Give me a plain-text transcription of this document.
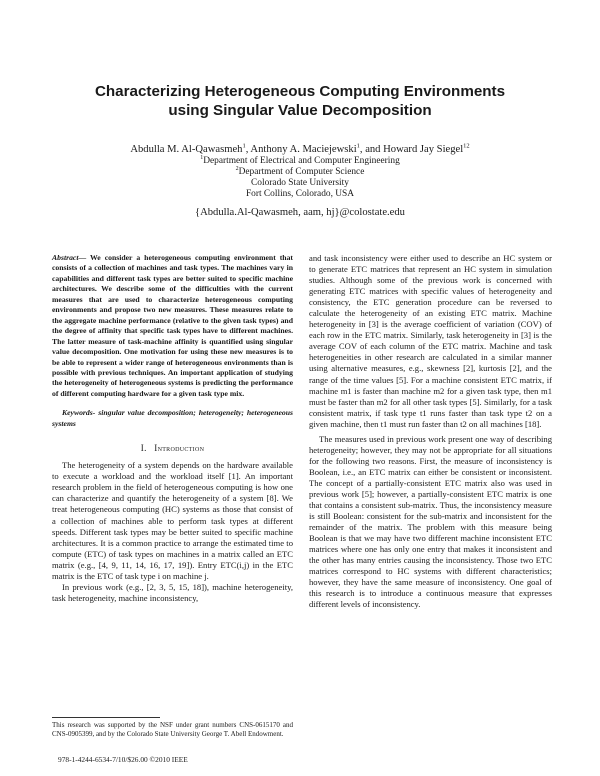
Characterizing Heterogeneous Computing Environments
using Singular Value Decomposition
Abdulla M. Al-Qawasmeh$^1$, Anthony A. Maciejewski$^1$, and Howard Jay Siegel$^{12}$
$^1$Department of Electrical and Computer Engineering
$^2$Department of Computer Science
Colorado State University
Fort Collins, Colorado, USA
{Abdulla.Al-Qawasmeh, aam, hj}@colostate.edu

Abstract— We consider a heterogeneous computing environment that consists of a collection of machines and task types. The machines vary in capabilities and different task types are better suited to specific machine architectures. We describe some of the difficulties with the current measures that are used to characterize heterogeneous computing environments and propose two new measures. These measures relate to the aggregate machine performance (relative to the given task types) and the degree of affinity that specific task types have to different machines. The latter measure of task-machine affinity is quantified using singular value decomposition. One motivation for using these new measures is to be able to represent a wider range of heterogeneous environments than is possible with previous techniques. An important application of studying the heterogeneity of heterogeneous systems is predicting the performance of different computing hardware for a given task type mix.

Keywords- singular value decomposition; heterogeneity; heterogeneous systems

I. Introduction

The heterogeneity of a system depends on the hardware available to execute a workload and the workload itself [1]. An important research problem in the field of heterogeneous computing is how one can characterize and quantify the heterogeneity of a system [8]. We treat heterogeneous computing (HC) systems as those that consist of a collection of machines able to perform task types at different speeds. Different task types may be better suited to specific machine architectures. It is a common practice to arrange the estimated time to compute (ETC) of task types on machines in a matrix called an ETC matrix (e.g., [4, 9, 11, 14, 16, 17, 19]). Entry ETC(i,j) in the ETC matrix is the ETC of task type i on machine j.

In previous work (e.g., [2, 3, 5, 15, 18]), machine heterogeneity, task heterogeneity, machine inconsistency,

and task inconsistency were either used to describe an HC system or to generate ETC matrices that represent an HC system in simulation studies. Although some of the previous work is concerned with generating ETC matrices with specific values of heterogeneity and consistency, the ETC generation procedure can be reversed to calculate the heterogeneity of an existing ETC matrix. Machine heterogeneity in [3] is the average coefficient of variation (COV) of each row in the ETC matrix. Similarly, task heterogeneity in [3] is the average COV of each column of the ETC matrix. Machine and task heterogeneities in other research are calculated in a similar manner using alternative measures, e.g., skewness [2], kurtosis [2], and the range of the time values [5]. For a machine consistent ETC matrix, if machine m1 is faster than machine m2 for a given task type, then m1 must be faster than m2 for all other task types [5]. Similarly, for a task consistent matrix, if task type t1 runs faster than task type t2 on a given machine, then t1 must run faster than t2 on all machines [18].

The measures used in previous work present one way of describing heterogeneity; however, they may not be appropriate for all situations for the following two reasons. First, the measure of inconsistency is Boolean, i.e., an ETC matrix can either be consistent or inconsistent. The concept of a partially-consistent ETC matrix also was used in previous work [5]; however, a partially-consistent ETC matrix is one that contains a consistent sub-matrix. Thus, the inconsistency measure is still Boolean: consistent for the sub-matrix and inconsistent for the remainder of the matrix. The problem with this measure being Boolean is that we may have two different machine inconsistent ETC matrices where one has only one entry that makes it inconsistent and the other has many entries causing the inconsistency. Those two ETC matrices correspond to HC systems with different characteristics; however, they have the same measure of inconsistency. One goal of this research is to introduce a continuous measure that expresses different levels of inconsistency.

This research was supported by the NSF under grant numbers CNS-0615170 and CNS-0905399, and by the Colorado State University George T. Abell Endowment.
978-1-4244-6534-7/10/$26.00 ©2010 IEEE
